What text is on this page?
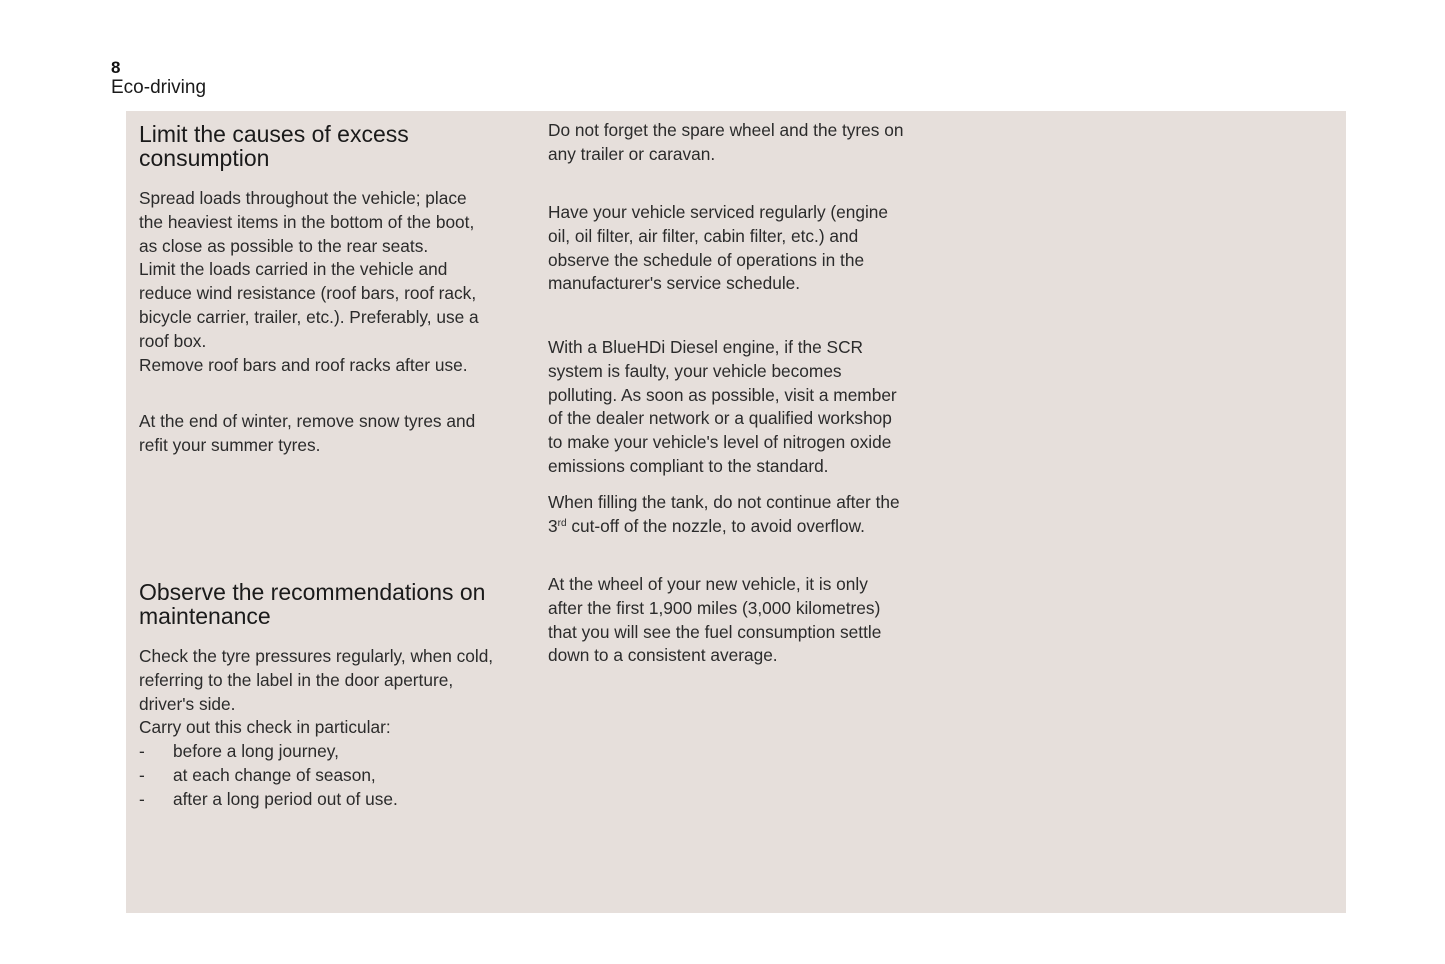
8
Eco-driving
Limit the causes of excess
consumption

Spread loads throughout the vehicle; place
the heaviest items in the bottom of the boot,
as close as possible to the rear seats.
Limit the loads carried in the vehicle and
reduce wind resistance (roof bars, roof rack,
bicycle carrier, trailer, etc.). Preferably, use a
roof box.
Remove roof bars and roof racks after use.

At the end of winter, remove snow tyres and
refit your summer tyres.

Observe the recommendations on
maintenance

Check the tyre pressures regularly, when cold,
referring to the label in the door aperture,
driver's side.
Carry out this check in particular:

- before a long journey,
- at each change of season,
- after a long period out of use.

Do not forget the spare wheel and the tyres on
any trailer or caravan.

Have your vehicle serviced regularly (engine
oil, oil filter, air filter, cabin filter, etc.) and
observe the schedule of operations in the
manufacturer's service schedule.

With a BlueHDi Diesel engine, if the SCR
system is faulty, your vehicle becomes
polluting. As soon as possible, visit a member
of the dealer network or a qualified workshop
to make your vehicle's level of nitrogen oxide
emissions compliant to the standard.

When filling the tank, do not continue after the
3rd cut-off of the nozzle, to avoid overflow.

At the wheel of your new vehicle, it is only
after the first 1,900 miles (3,000 kilometres)
that you will see the fuel consumption settle
down to a consistent average.
